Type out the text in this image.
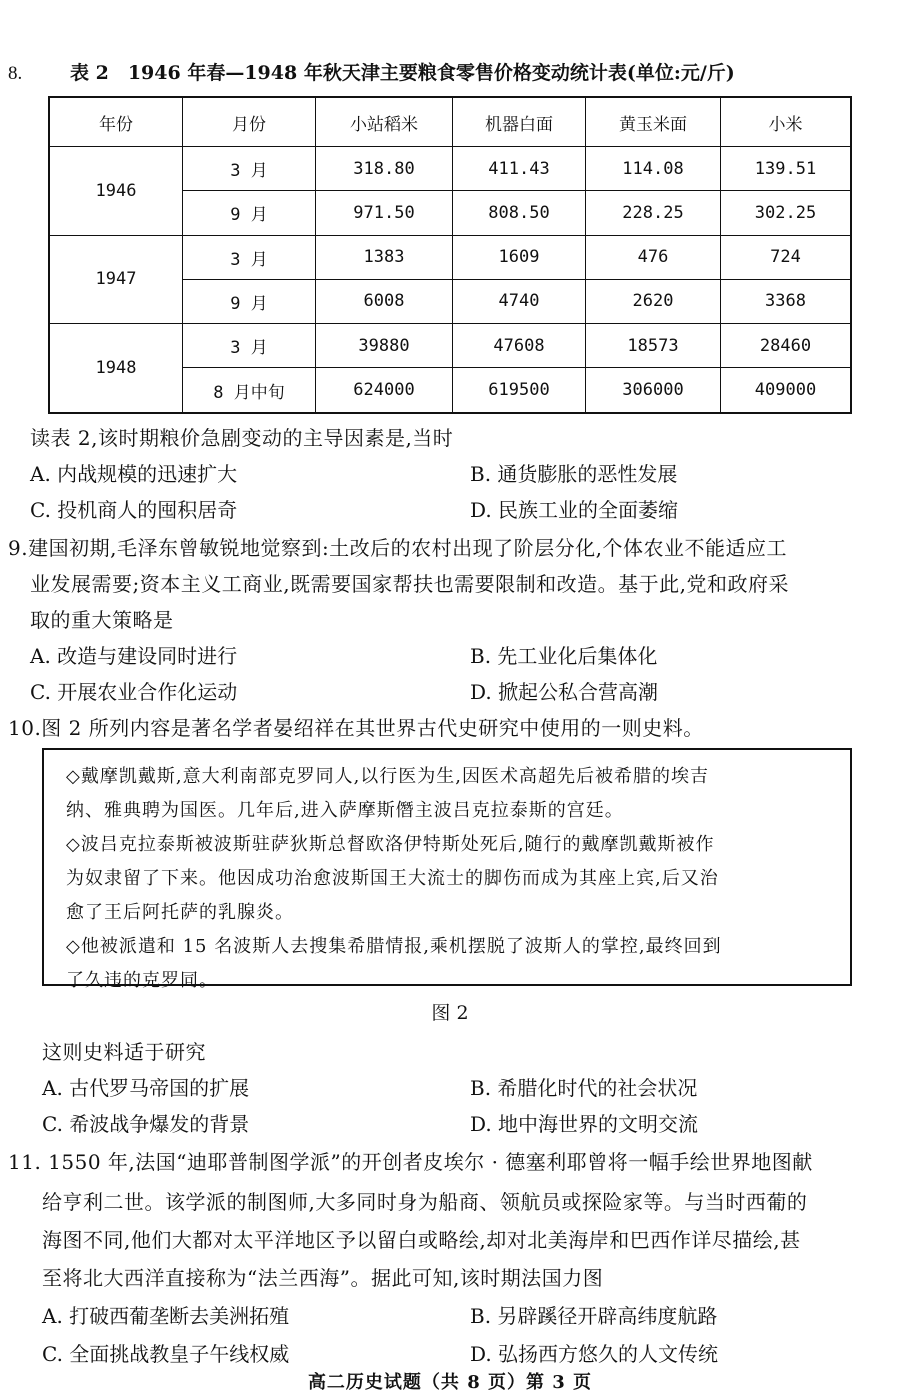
8.	表 2　1946 年春—1948 年秋天津主要粮食零售价格变动统计表(单位:元/斤)
年份	月份	小站稻米	机器白面	黄玉米面	小米
1946	3 月	318.80	411.43	114.08	139.51
	9 月	971.50	808.50	228.25	302.25
1947	3 月	1383	1609	476	724
	9 月	6008	4740	2620	3368
1948	3 月	39880	47608	18573	28460
	8 月中旬	624000	619500	306000	409000
读表 2,该时期粮价急剧变动的主导因素是,当时
A. 内战规模的迅速扩大	B. 通货膨胀的恶性发展
C. 投机商人的囤积居奇	D. 民族工业的全面萎缩
9.建国初期,毛泽东曾敏锐地觉察到:土改后的农村出现了阶层分化,个体农业不能适应工
业发展需要;资本主义工商业,既需要国家帮扶也需要限制和改造。基于此,党和政府采
取的重大策略是
A. 改造与建设同时进行	B. 先工业化后集体化
C. 开展农业合作化运动	D. 掀起公私合营高潮
10.图 2 所列内容是著名学者晏绍祥在其世界古代史研究中使用的一则史料。

◇戴摩凯戴斯,意大利南部克罗同人,以行医为生,因医术高超先后被希腊的埃吉

纳、雅典聘为国医。几年后,进入萨摩斯僭主波吕克拉泰斯的宫廷。

◇波吕克拉泰斯被波斯驻萨狄斯总督欧洛伊特斯处死后,随行的戴摩凯戴斯被作

为奴隶留了下来。他因成功治愈波斯国王大流士的脚伤而成为其座上宾,后又治

愈了王后阿托萨的乳腺炎。

◇他被派遣和 15 名波斯人去搜集希腊情报,乘机摆脱了波斯人的掌控,最终回到

了久违的克罗同。

图 2
这则史料适于研究
A. 古代罗马帝国的扩展	B. 希腊化时代的社会状况
C. 希波战争爆发的背景	D. 地中海世界的文明交流
11. 1550 年,法国“迪耶普制图学派”的开创者皮埃尔 · 德塞利耶曾将一幅手绘世界地图献
给亨利二世。该学派的制图师,大多同时身为船商、领航员或探险家等。与当时西葡的
海图不同,他们大都对太平洋地区予以留白或略绘,却对北美海岸和巴西作详尽描绘,甚
至将北大西洋直接称为“法兰西海”。据此可知,该时期法国力图
A. 打破西葡垄断去美洲拓殖	B. 另辟蹊径开辟高纬度航路
C. 全面挑战教皇子午线权威	D. 弘扬西方悠久的人文传统
高二历史试题（共 8 页）第 3 页
